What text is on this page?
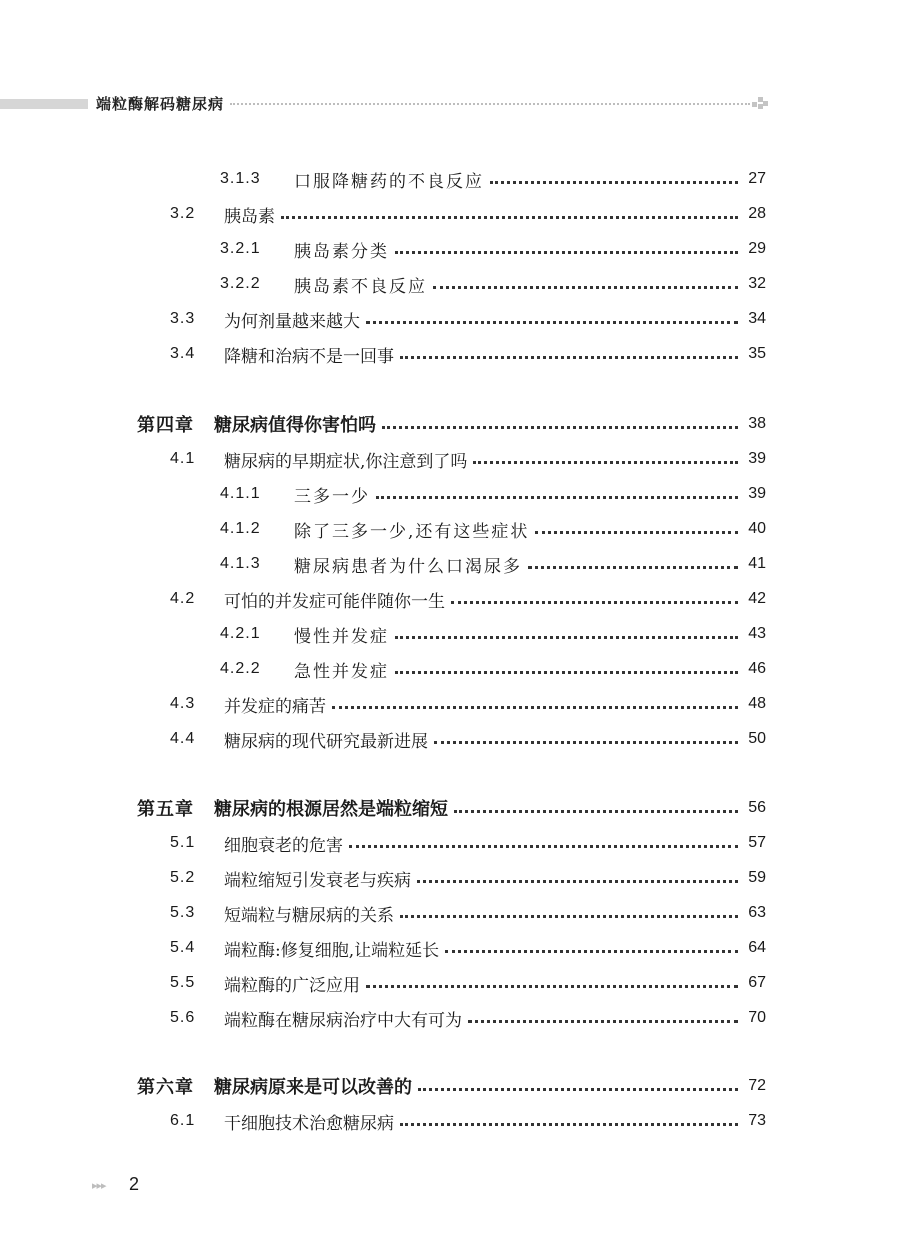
端粒酶解码糖尿病
3.1.3	口服降糖药的不良反应	27
3.2	胰岛素	28
3.2.1	胰岛素分类	29
3.2.2	胰岛素不良反应	32
3.3	为何剂量越来越大	34
3.4	降糖和治病不是一回事	35
第四章 糖尿病值得你害怕吗	38
4.1	糖尿病的早期症状,你注意到了吗	39
4.1.1	三多一少	39
4.1.2	除了三多一少,还有这些症状	40
4.1.3	糖尿病患者为什么口渴尿多	41
4.2	可怕的并发症可能伴随你一生	42
4.2.1	慢性并发症	43
4.2.2	急性并发症	46
4.3	并发症的痛苦	48
4.4	糖尿病的现代研究最新进展	50
第五章 糖尿病的根源居然是端粒缩短	56
5.1	细胞衰老的危害	57
5.2	端粒缩短引发衰老与疾病	59
5.3	短端粒与糖尿病的关系	63
5.4	端粒酶:修复细胞,让端粒延长	64
5.5	端粒酶的广泛应用	67
5.6	端粒酶在糖尿病治疗中大有可为	70
第六章 糖尿病原来是可以改善的	72
6.1	干细胞技术治愈糖尿病	73
▸▸▸ 2
